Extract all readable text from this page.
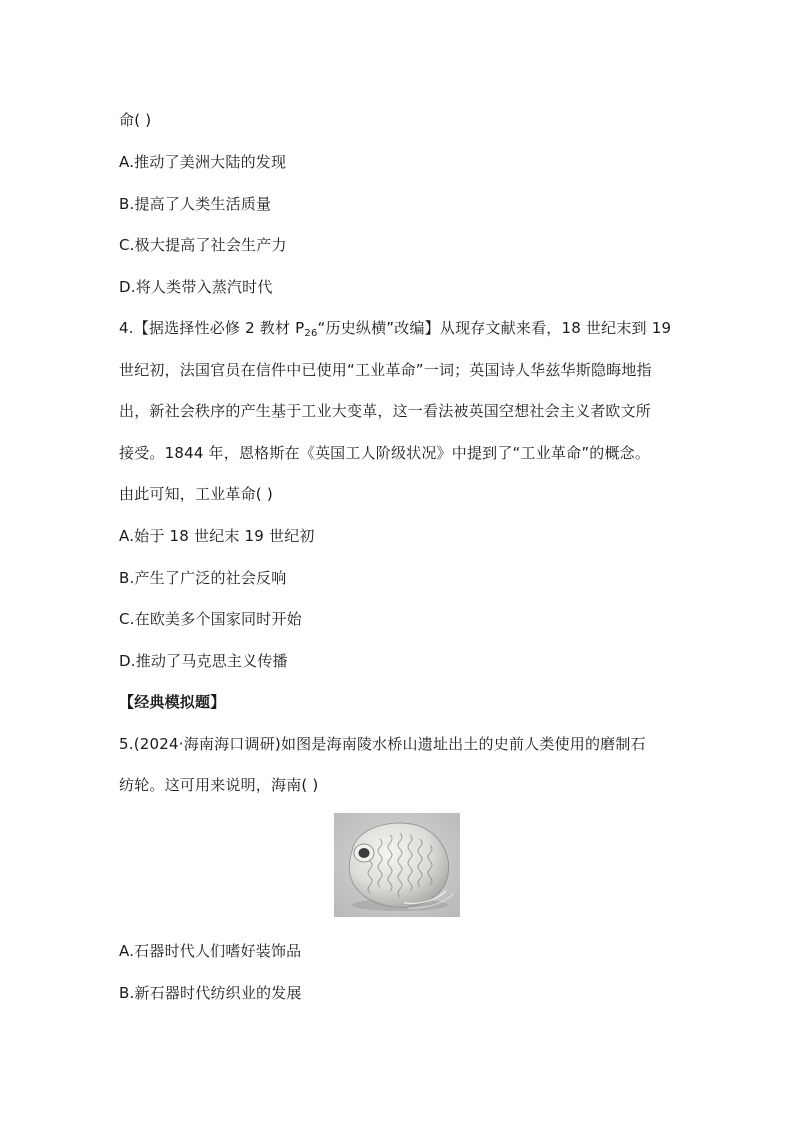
命( )
A.推动了美洲大陆的发现
B.提高了人类生活质量
C.极大提高了社会生产力
D.将人类带入蒸汽时代
4.【据选择性必修 2 教材 $P_{26}“$历史纵横”改编】从现存文献来看，18 世纪末到 19
世纪初，法国官员在信件中已使用“工业革命”一词；英国诗人华兹华斯隐晦地指
出，新社会秩序的产生基于工业大变革，这一看法被英国空想社会主义者欧文所
接受。1844 年，恩格斯在《英国工人阶级状况》中提到了“工业革命”的概念。
由此可知，工业革命( )
A.始于 18 世纪末 19 世纪初
B.产生了广泛的社会反响
C.在欧美多个国家同时开始
D.推动了马克思主义传播
【经典模拟题】
5.(2024·海南海口调研)如图是海南陵水桥山遗址出土的史前人类使用的磨制石
纺轮。这可用来说明，海南( )
A.石器时代人们嗜好装饰品
B.新石器时代纺织业的发展
